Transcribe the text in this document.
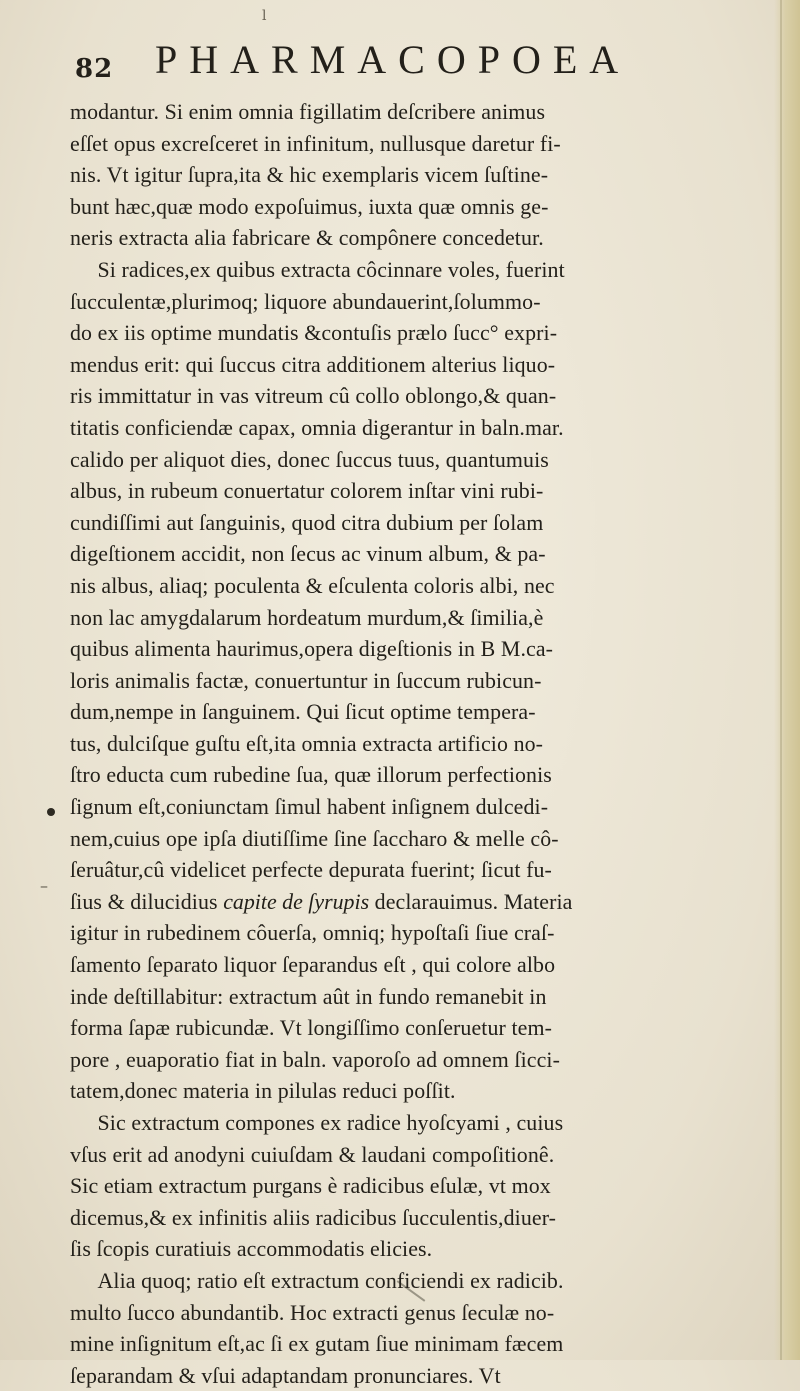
l
82	PHARMACOPOEA
–
modantur. Si enim omnia figillatim deſcribere animus
eſſet opus excreſceret in infinitum, nullusque daretur fi-
nis. Vt igitur ſupra,ita & hic exemplaris vicem ſuſtine-
bunt hæc,quæ modo expoſuimus, iuxta quæ omnis ge-
neris extracta alia fabricare & compônere concedetur.
Si radices,ex quibus extracta côcinnare voles, fuerint
ſucculentæ,plurimoq; liquore abundauerint,ſolummo-
do ex iis optime mundatis &contuſis prælo ſucc° expri-
mendus erit: qui ſuccus citra additionem alterius liquo-
ris immittatur in vas vitreum cû collo oblongo,& quan-
titatis conficiendæ capax, omnia digerantur in baln.mar.
calido per aliquot dies, donec ſuccus tuus, quantumuis
albus, in rubeum conuertatur colorem inſtar vini rubi-
cundiſſimi aut ſanguinis, quod citra dubium per ſolam
digeſtionem accidit, non ſecus ac vinum album, & pa-
nis albus, aliaq; poculenta & eſculenta coloris albi, nec
non lac amygdalarum hordeatum murdum,& ſimilia,è
quibus alimenta haurimus,opera digeſtionis in B M.ca-
loris animalis factæ, conuertuntur in ſuccum rubicun-
dum,nempe in ſanguinem. Qui ſicut optime tempera-
tus, dulciſque guſtu eſt,ita omnia extracta artificio no-
ſtro educta cum rubedine ſua, quæ illorum perfectionis
ſignum eſt,coniunctam ſimul habent inſignem dulcedi-
nem,cuius ope ipſa diutiſſime ſine ſaccharo & melle cô-
ſeruâtur,cû videlicet perfecte depurata fuerint; ſicut fu-
ſius & dilucidius capite de ſyrupis declarauimus. Materia
igitur in rubedinem côuerſa, omniq; hypoſtaſi ſiue craſ-
ſamento ſeparato liquor ſeparandus eſt , qui colore albo
inde deſtillabitur: extractum aût in fundo remanebit in
forma ſapæ rubicundæ. Vt longiſſimo conſeruetur tem-
pore , euaporatio fiat in baln. vaporoſo ad omnem ſicci-
tatem,donec materia in pilulas reduci poſſit.
Sic extractum compones ex radice hyoſcyami , cuius
vſus erit ad anodyni cuiuſdam & laudani compoſitionê.
Sic etiam extractum purgans è radicibus eſulæ, vt mox
dicemus,& ex infinitis aliis radicibus ſucculentis,diuer-
ſis ſcopis curatiuis accommodatis elicies.
Alia quoq; ratio eſt extractum conficiendi ex radicib.
multo ſucco abundantib. Hoc extracti genus ſeculæ no-
mine inſignitum eſt,ac ſi ex gutam ſiue minimam fæcem
ſeparandam & vſui adaptandam pronunciares. Vt
